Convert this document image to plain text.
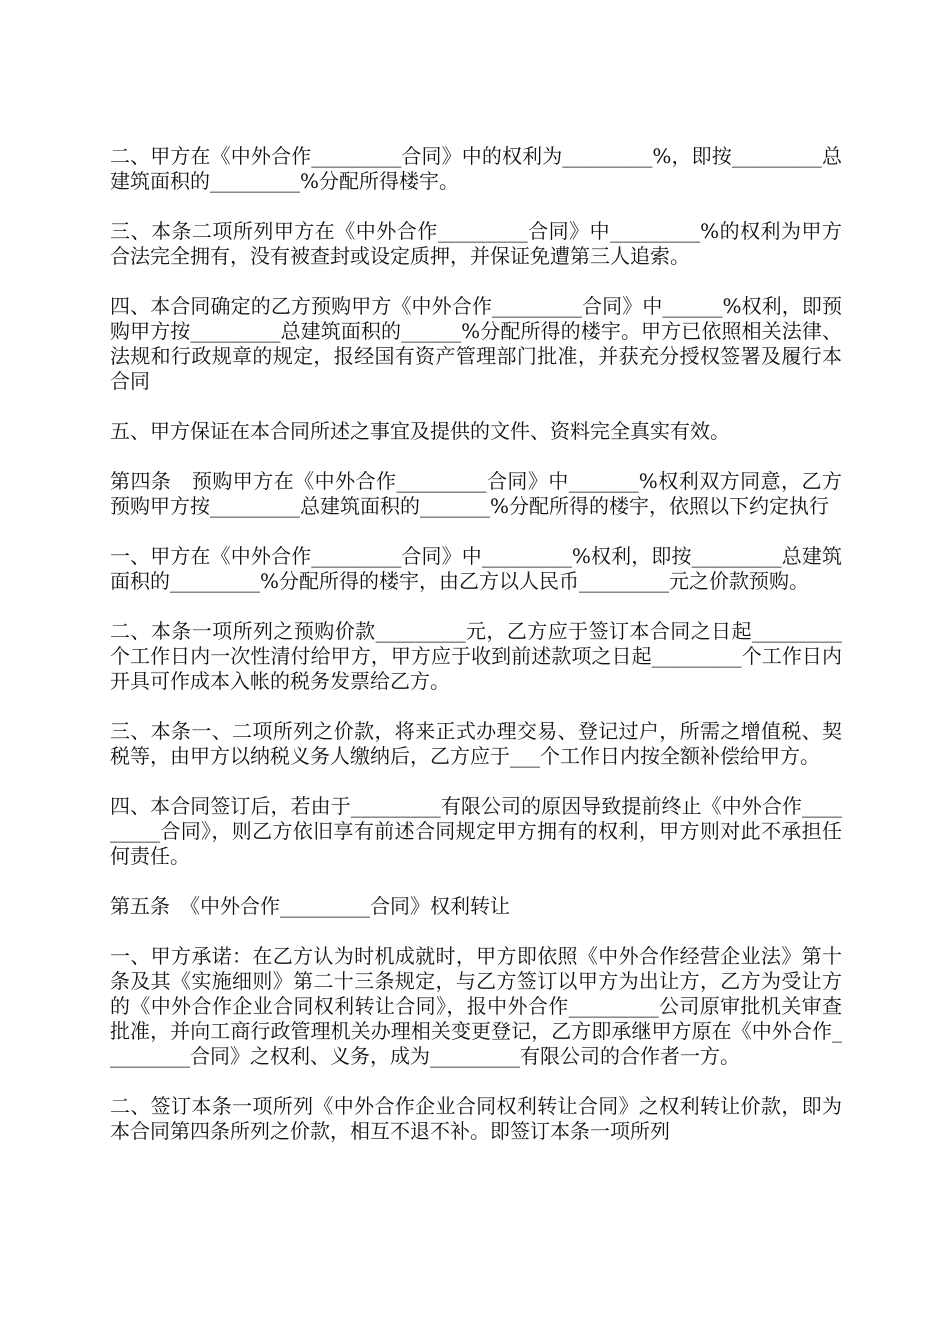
二、甲方在《中外合作_________合同》中的权利为_________%，即按_________总建筑面积的_________%分配所得楼宇。

三、本条二项所列甲方在《中外合作_________合同》中_________%的权利为甲方合法完全拥有，没有被查封或设定质押，并保证免遭第三人追索。

四、本合同确定的乙方预购甲方《中外合作_________合同》中______%权利，即预购甲方按_________总建筑面积的______%分配所得的楼宇。甲方已依照相关法律、法规和行政规章的规定，报经国有资产管理部门批准，并获充分授权签署及履行本合同

五、甲方保证在本合同所述之事宜及提供的文件、资料完全真实有效。

第四条　预购甲方在《中外合作_________合同》中_______%权利双方同意，乙方预购甲方按_________总建筑面积的_______%分配所得的楼宇，依照以下约定执行

一、甲方在《中外合作_________合同》中_________%权利，即按_________总建筑面积的_________%分配所得的楼宇，由乙方以人民币_________元之价款预购。

二、本条一项所列之预购价款_________元，乙方应于签订本合同之日起_________个工作日内一次性清付给甲方，甲方应于收到前述款项之日起_________个工作日内开具可作成本入帐的税务发票给乙方。

三、本条一、二项所列之价款，将来正式办理交易、登记过户，所需之增值税、契税等，由甲方以纳税义务人缴纳后，乙方应于___个工作日内按全额补偿给甲方。

四、本合同签订后，若由于_________有限公司的原因导致提前终止《中外合作_________合同》，则乙方依旧享有前述合同规定甲方拥有的权利，甲方则对此不承担任何责任。

第五条　《中外合作_________合同》权利转让

一、甲方承诺：在乙方认为时机成就时，甲方即依照《中外合作经营企业法》第十条及其《实施细则》第二十三条规定，与乙方签订以甲方为出让方，乙方为受让方的《中外合作企业合同权利转让合同》，报中外合作_________公司原审批机关审查批准，并向工商行政管理机关办理相关变更登记，乙方即承继甲方原在《中外合作_________合同》之权利、义务，成为_________有限公司的合作者一方。

二、签订本条一项所列《中外合作企业合同权利转让合同》之权利转让价款，即为本合同第四条所列之价款，相互不退不补。即签订本条一项所列
